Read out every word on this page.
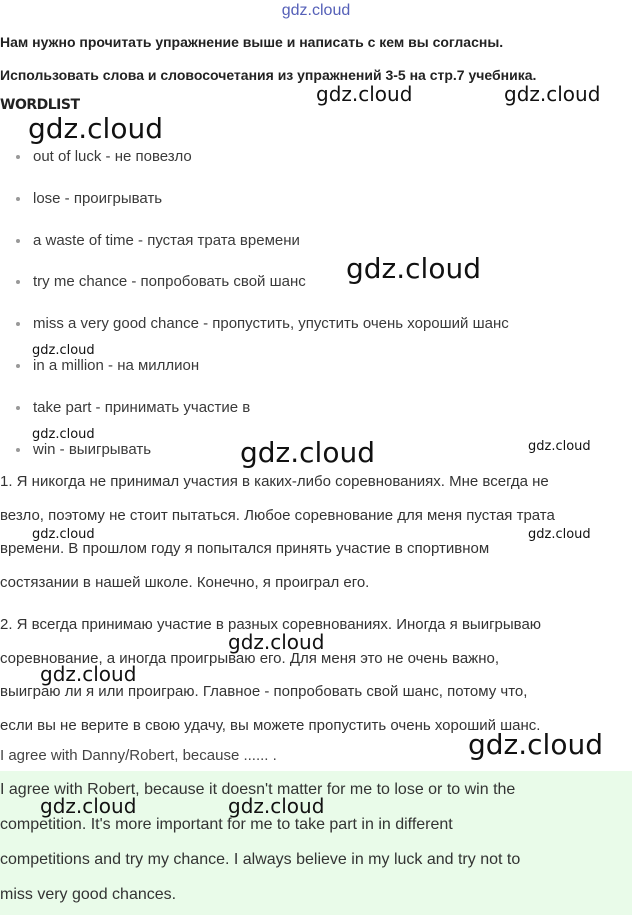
gdz.cloud
Нам нужно прочитать упражнение выше и написать с кем вы согласны.
Использовать слова и словосочетания из упражнений 3-5 на стр.7 учебника.
WORDLIST
out of luck - не повезло
lose - проигрывать
a waste of time - пустая трата времени
try me chance - попробовать свой шанс
miss a very good chance - пропустить, упустить очень хороший шанс
in a million - на миллион
take part - принимать участие в
win - выигрывать
1. Я никогда не принимал участия в каких-либо соревнованиях. Мне всегда не
везло, поэтому не стоит пытаться. Любое соревнование для меня пустая трата
времени. В прошлом году я попытался принять участие в спортивном
состязании в нашей школе. Конечно, я проиграл его.
2. Я всегда принимаю участие в разных соревнованиях. Иногда я выигрываю
соревнование, а иногда проигрываю его. Для меня это не очень важно,
выиграю ли я или проиграю. Главное - попробовать свой шанс, потому что,
если вы не верите в свою удачу, вы можете пропустить очень хороший шанс.
I agree with Danny/Robert, because ...... .
I agree with Robert, because it doesn't matter for me to lose or to win the
competition. It's more important for me to take part in in different
competitions and try my chance. I always believe in my luck and try not to
miss very good chances.
gdz.cloud
gdz.cloud
gdz.cloud
gdz.cloud
gdz.cloud	gdz.cloud
gdz.cloud
gdz.cloud
gdz.cloud	gdz.cloud
gdz.cloud
gdz.cloud
gdz.cloud
gdz.cloud	gdz.cloud
